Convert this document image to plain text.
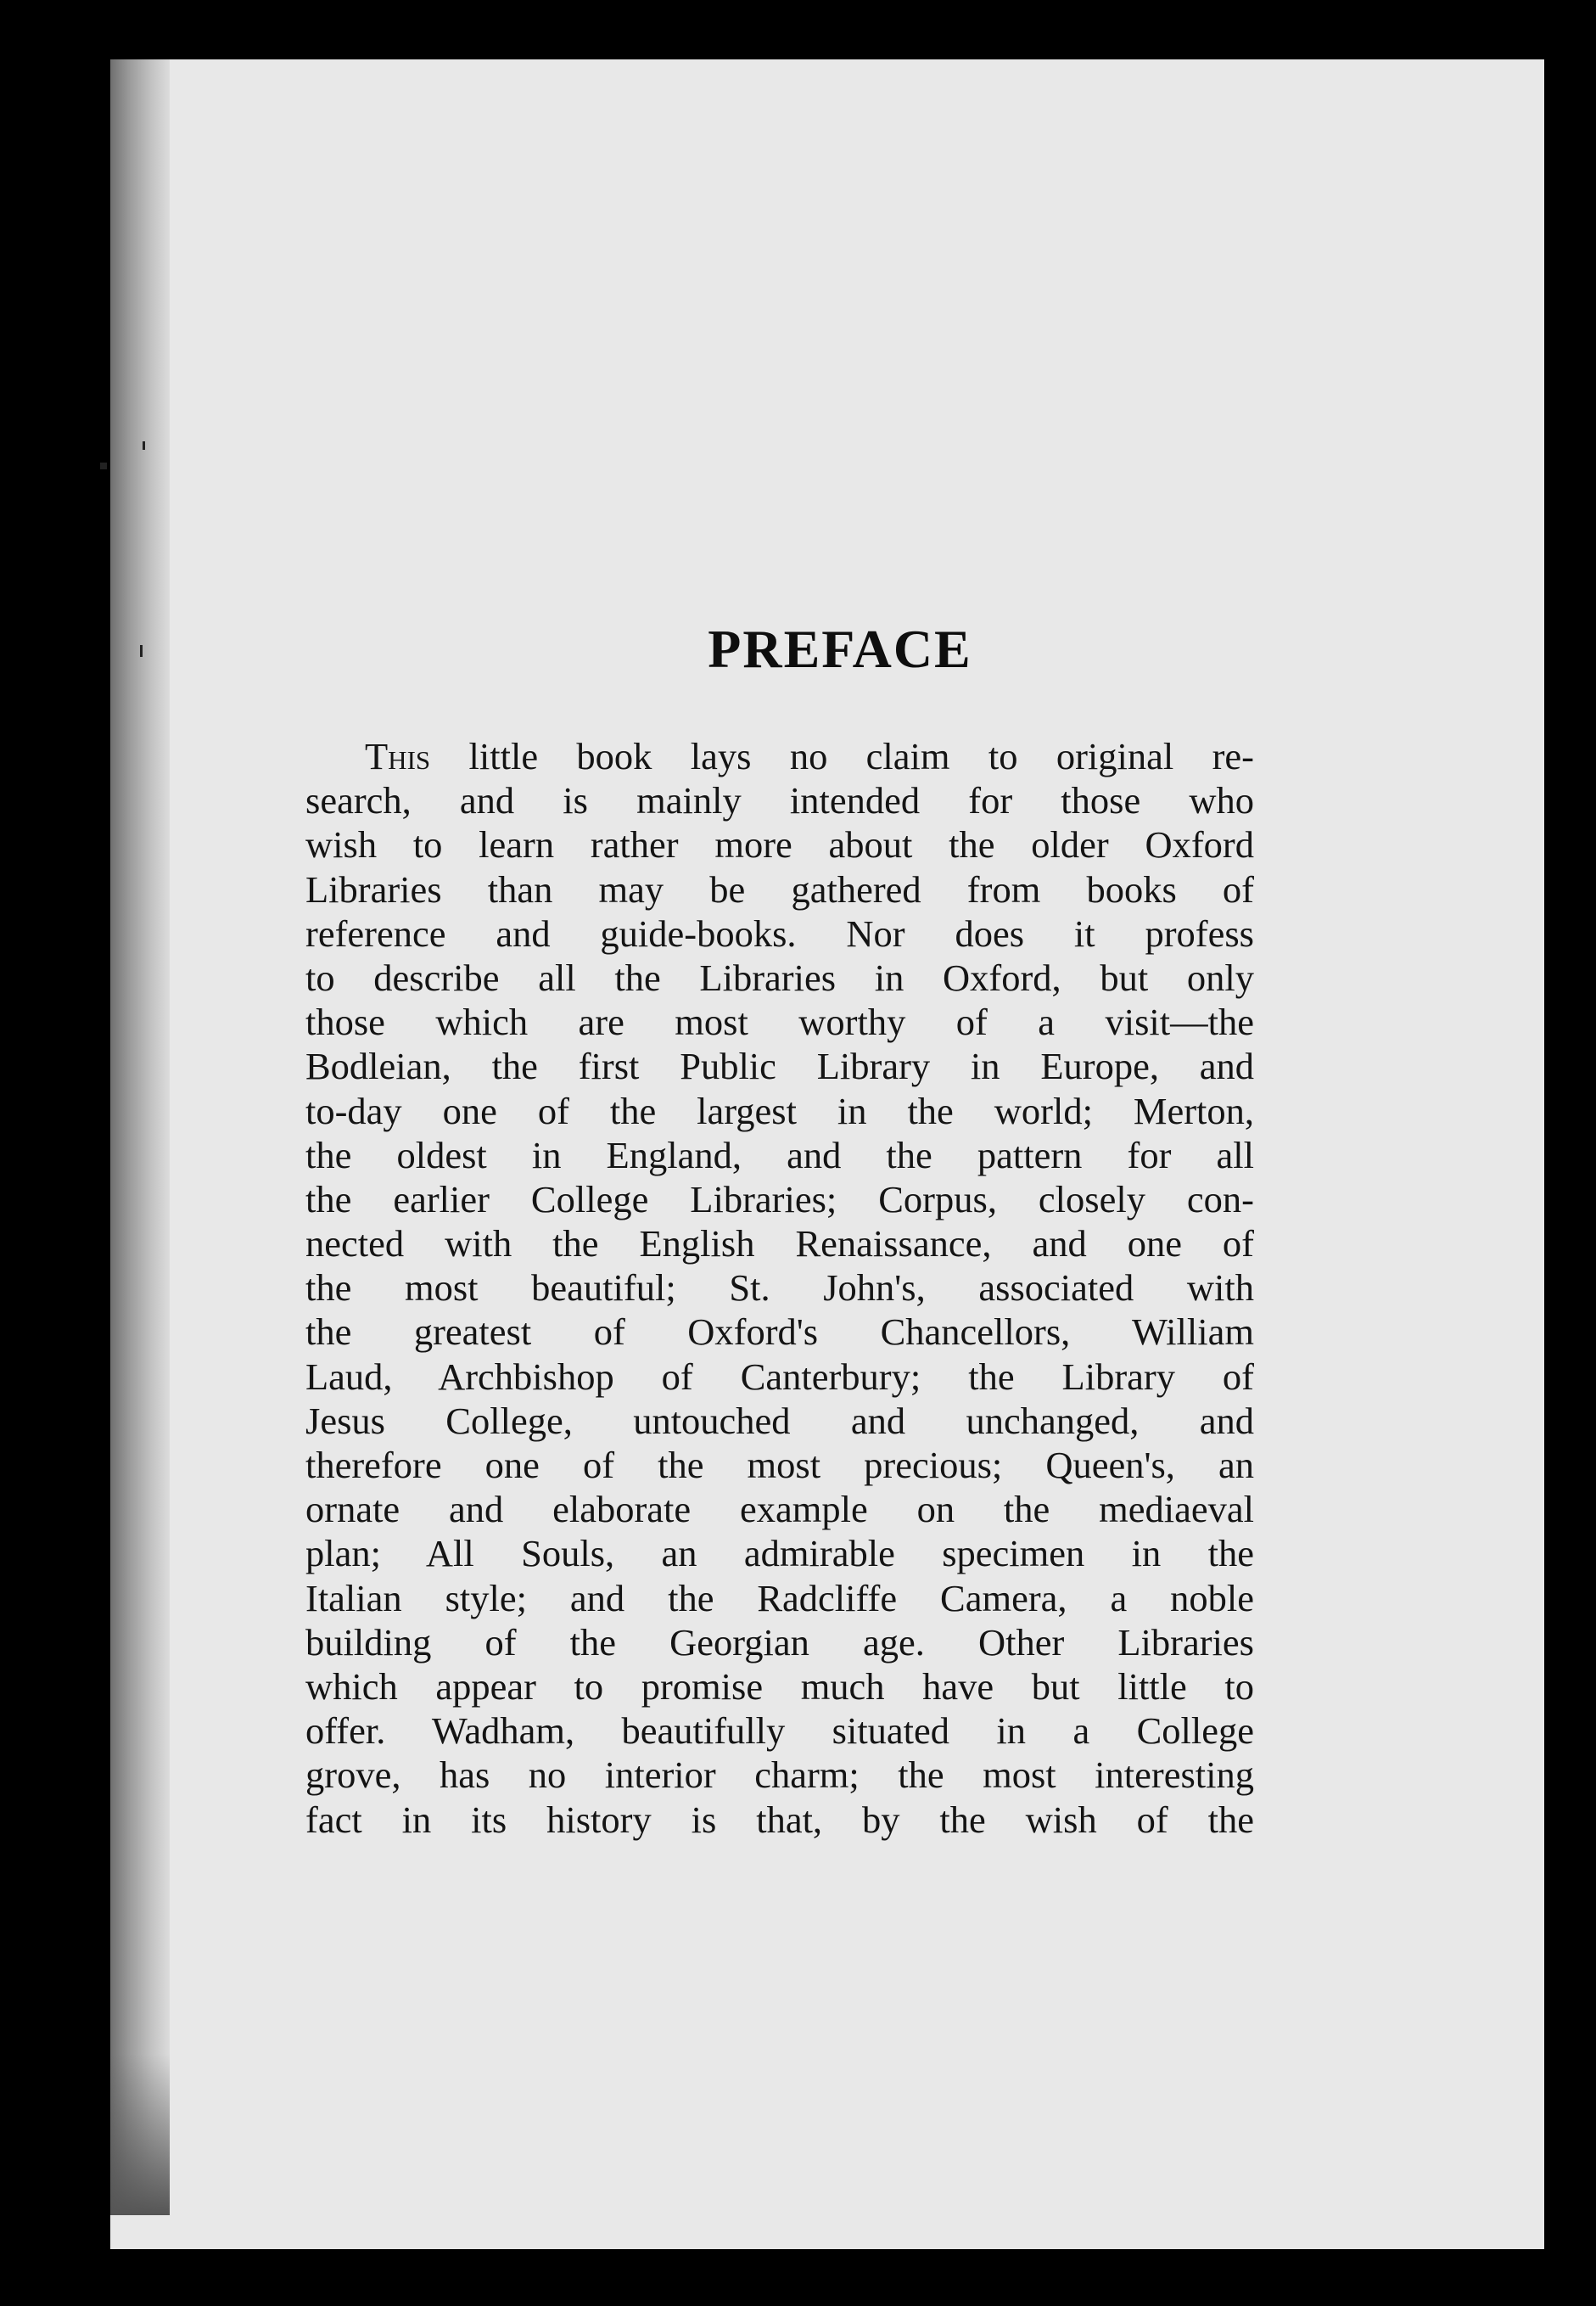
PREFACE
This little book lays no claim to original re-
search, and is mainly intended for those who
wish to learn rather more about the older Oxford
Libraries than may be gathered from books of
reference and guide-books. Nor does it profess
to describe all the Libraries in Oxford, but only
those which are most worthy of a visit—the
Bodleian, the first Public Library in Europe, and
to-day one of the largest in the world; Merton,
the oldest in England, and the pattern for all
the earlier College Libraries; Corpus, closely con-
nected with the English Renaissance, and one of
the most beautiful; St. John's, associated with
the greatest of Oxford's Chancellors, William
Laud, Archbishop of Canterbury; the Library of
Jesus College, untouched and unchanged, and
therefore one of the most precious; Queen's, an
ornate and elaborate example on the mediaeval
plan; All Souls, an admirable specimen in the
Italian style; and the Radcliffe Camera, a noble
building of the Georgian age. Other Libraries
which appear to promise much have but little to
offer. Wadham, beautifully situated in a College
grove, has no interior charm; the most interesting
fact in its history is that, by the wish of the
